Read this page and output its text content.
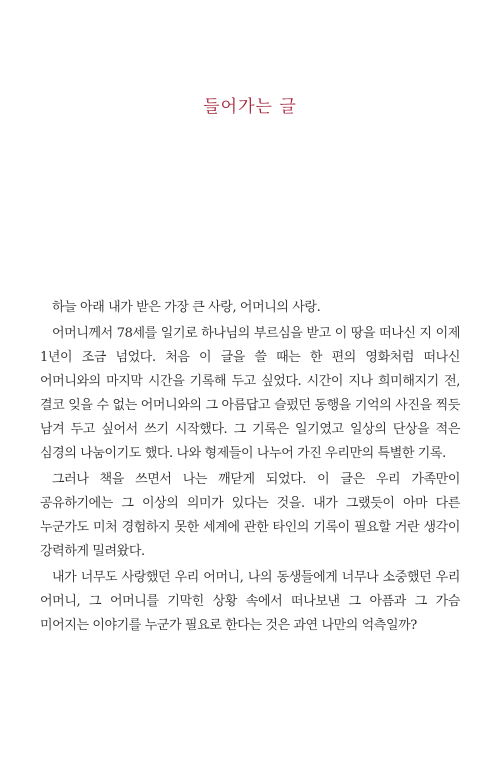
들어가는 글

하늘 아래 내가 받은 가장 큰 사랑, 어머니의 사랑.

어머니께서 78세를 일기로 하나님의 부르심을 받고 이 땅을 떠나신 지 이제 1년이 조금 넘었다. 처음 이 글을 쓸 때는 한 편의 영화처럼 떠나신 어머니와의 마지막 시간을 기록해 두고 싶었다. 시간이 지나 희미해지기 전, 결코 잊을 수 없는 어머니와의 그 아름답고 슬펐던 동행을 기억의 사진을 찍듯 남겨 두고 싶어서 쓰기 시작했다. 그 기록은 일기였고 일상의 단상을 적은 심경의 나눔이기도 했다. 나와 형제들이 나누어 가진 우리만의 특별한 기록.

그러나 책을 쓰면서 나는 깨닫게 되었다. 이 글은 우리 가족만이 공유하기에는 그 이상의 의미가 있다는 것을. 내가 그랬듯이 아마 다른 누군가도 미처 경험하지 못한 세계에 관한 타인의 기록이 필요할 거란 생각이 강력하게 밀려왔다.

내가 너무도 사랑했던 우리 어머니, 나의 동생들에게 너무나 소중했던 우리 어머니, 그 어머니를 기막힌 상황 속에서 떠나보낸 그 아픔과 그 가슴 미어지는 이야기를 누군가 필요로 한다는 것은 과연 나만의 억측일까?
